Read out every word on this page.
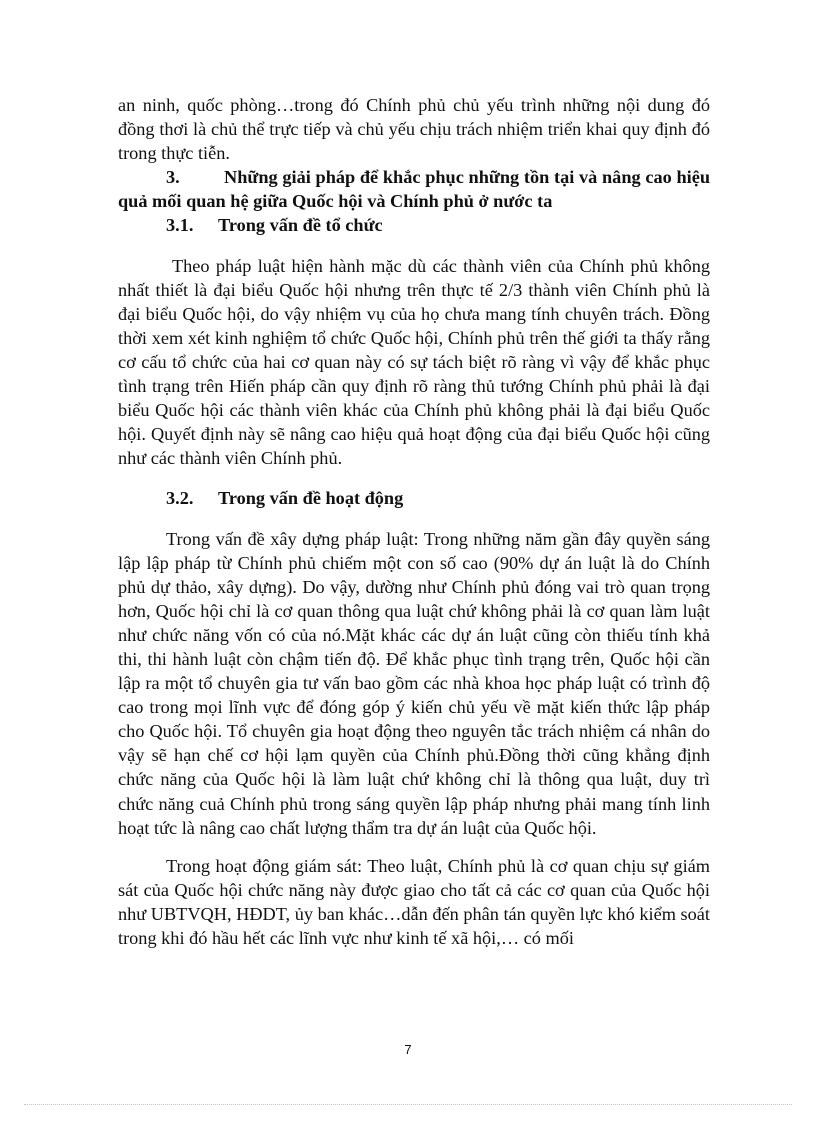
an ninh, quốc phòng…trong đó Chính phủ chủ yếu trình những nội dung đó đồng thơi là chủ thể trực tiếp và chủ yếu chịu trách nhiệm triển khai quy định đó trong thực tiễn.

3. Những giải pháp để khắc phục những tồn tại và nâng cao hiệu quả mối quan hệ giữa Quốc hội và Chính phủ ở nước ta

3.1. Trong vấn đề tổ chức

Theo pháp luật hiện hành mặc dù các thành viên của Chính phủ không nhất thiết là đại biểu Quốc hội nhưng trên thực tế 2/3 thành viên Chính phủ là đại biểu Quốc hội, do vậy nhiệm vụ của họ chưa mang tính chuyên trách. Đồng thời xem xét kinh nghiệm tổ chức Quốc hội, Chính phủ trên thế giới ta thấy rằng cơ cấu tổ chức của hai cơ quan này có sự tách biệt rõ ràng vì vậy để khắc phục tình trạng trên Hiến pháp cần quy định rõ ràng thủ tướng Chính phủ phải là đại biểu Quốc hội các thành viên khác của Chính phủ không phải là đại biểu Quốc hội. Quyết định này sẽ nâng cao hiệu quả hoạt động của đại biểu Quốc hội cũng như các thành viên Chính phủ.

3.2. Trong vấn đề hoạt động

Trong vấn đề xây dựng pháp luật: Trong những năm gần đây quyền sáng lập lập pháp từ Chính phủ chiếm một con số cao (90% dự án luật là do Chính phủ dự thảo, xây dựng). Do vậy, dường như Chính phủ đóng vai trò quan trọng hơn, Quốc hội chỉ là cơ quan thông qua luật chứ không phải là cơ quan làm luật như chức năng vốn có của nó.Mặt khác các dự án luật cũng còn thiếu tính khả thi, thi hành luật còn chậm tiến độ. Để khắc phục tình trạng trên, Quốc hội cần lập ra một tổ chuyên gia tư vấn bao gồm các nhà khoa học pháp luật có trình độ cao trong mọi lĩnh vực để đóng góp ý kiến chủ yếu về mặt kiến thức lập pháp cho Quốc hội. Tổ chuyên gia hoạt động theo nguyên tắc trách nhiệm cá nhân do vậy sẽ hạn chế cơ hội lạm quyền của Chính phủ.Đồng thời cũng khẳng định chức năng của Quốc hội là làm luật chứ không chỉ là thông qua luật, duy trì chức năng cuả Chính phủ trong sáng quyền lập pháp nhưng phải mang tính linh hoạt tức là nâng cao chất lượng thẩm tra dự án luật của Quốc hội.

Trong hoạt động giám sát: Theo luật, Chính phủ là cơ quan chịu sự giám sát của Quốc hội chức năng này được giao cho tất cả các cơ quan của Quốc hội như UBTVQH, HĐDT, ủy ban khác…dẫn đến phân tán quyền lực khó kiểm soát trong khi đó hầu hết các lĩnh vực như kinh tế xã hội,… có mối

7
